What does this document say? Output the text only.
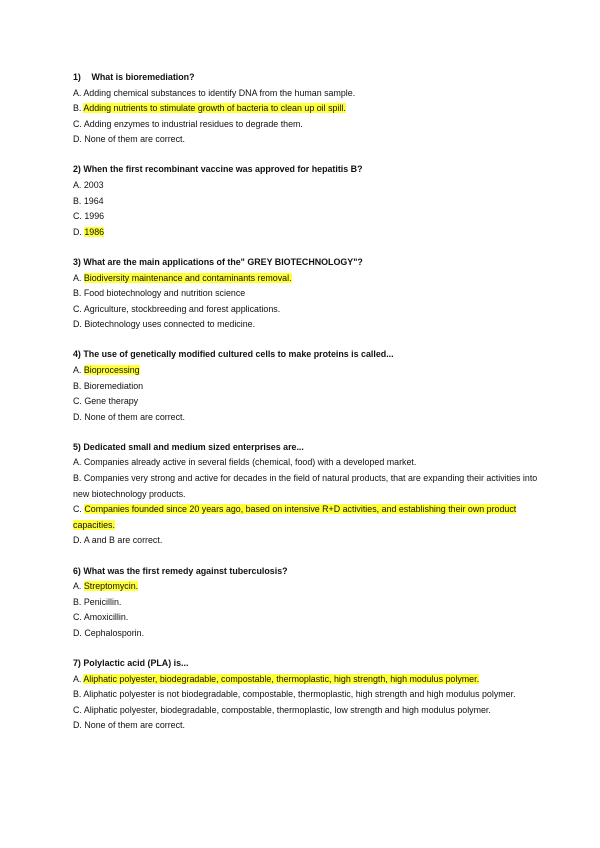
1) What is bioremediation?

A. Adding chemical substances to identify DNA from the human sample.

B. Adding nutrients to stimulate growth of bacteria to clean up oil spill.

C. Adding enzymes to industrial residues to degrade them.

D. None of them are correct.

2) When the first recombinant vaccine was approved for hepatitis B?

A. 2003

B. 1964

C. 1996

D. 1986

3) What are the main applications of the" GREY BIOTECHNOLOGY"?

A. Biodiversity maintenance and contaminants removal.

B. Food biotechnology and nutrition science

C. Agriculture, stockbreeding and forest applications.

D. Biotechnology uses connected to medicine.

4) The use of genetically modified cultured cells to make proteins is called...

A. Bioprocessing

B. Bioremediation

C. Gene therapy

D. None of them are correct.

5) Dedicated small and medium sized enterprises are...

A. Companies already active in several fields (chemical, food) with a developed market.

B. Companies very strong and active for decades in the field of natural products, that are expanding their activities into new biotechnology products.

C. Companies founded since 20 years ago, based on intensive R+D activities, and establishing their own product capacities.

D. A and B are correct.

6) What was the first remedy against tuberculosis?

A. Streptomycin.

B. Penicillin.

C. Amoxicillin.

D. Cephalosporin.

7) Polylactic acid (PLA) is...

A. Aliphatic polyester, biodegradable, compostable, thermoplastic, high strength, high modulus polymer.

B. Aliphatic polyester is not biodegradable, compostable, thermoplastic, high strength and high modulus polymer.

C. Aliphatic polyester, biodegradable, compostable, thermoplastic, low strength and high modulus polymer.

D. None of them are correct.
